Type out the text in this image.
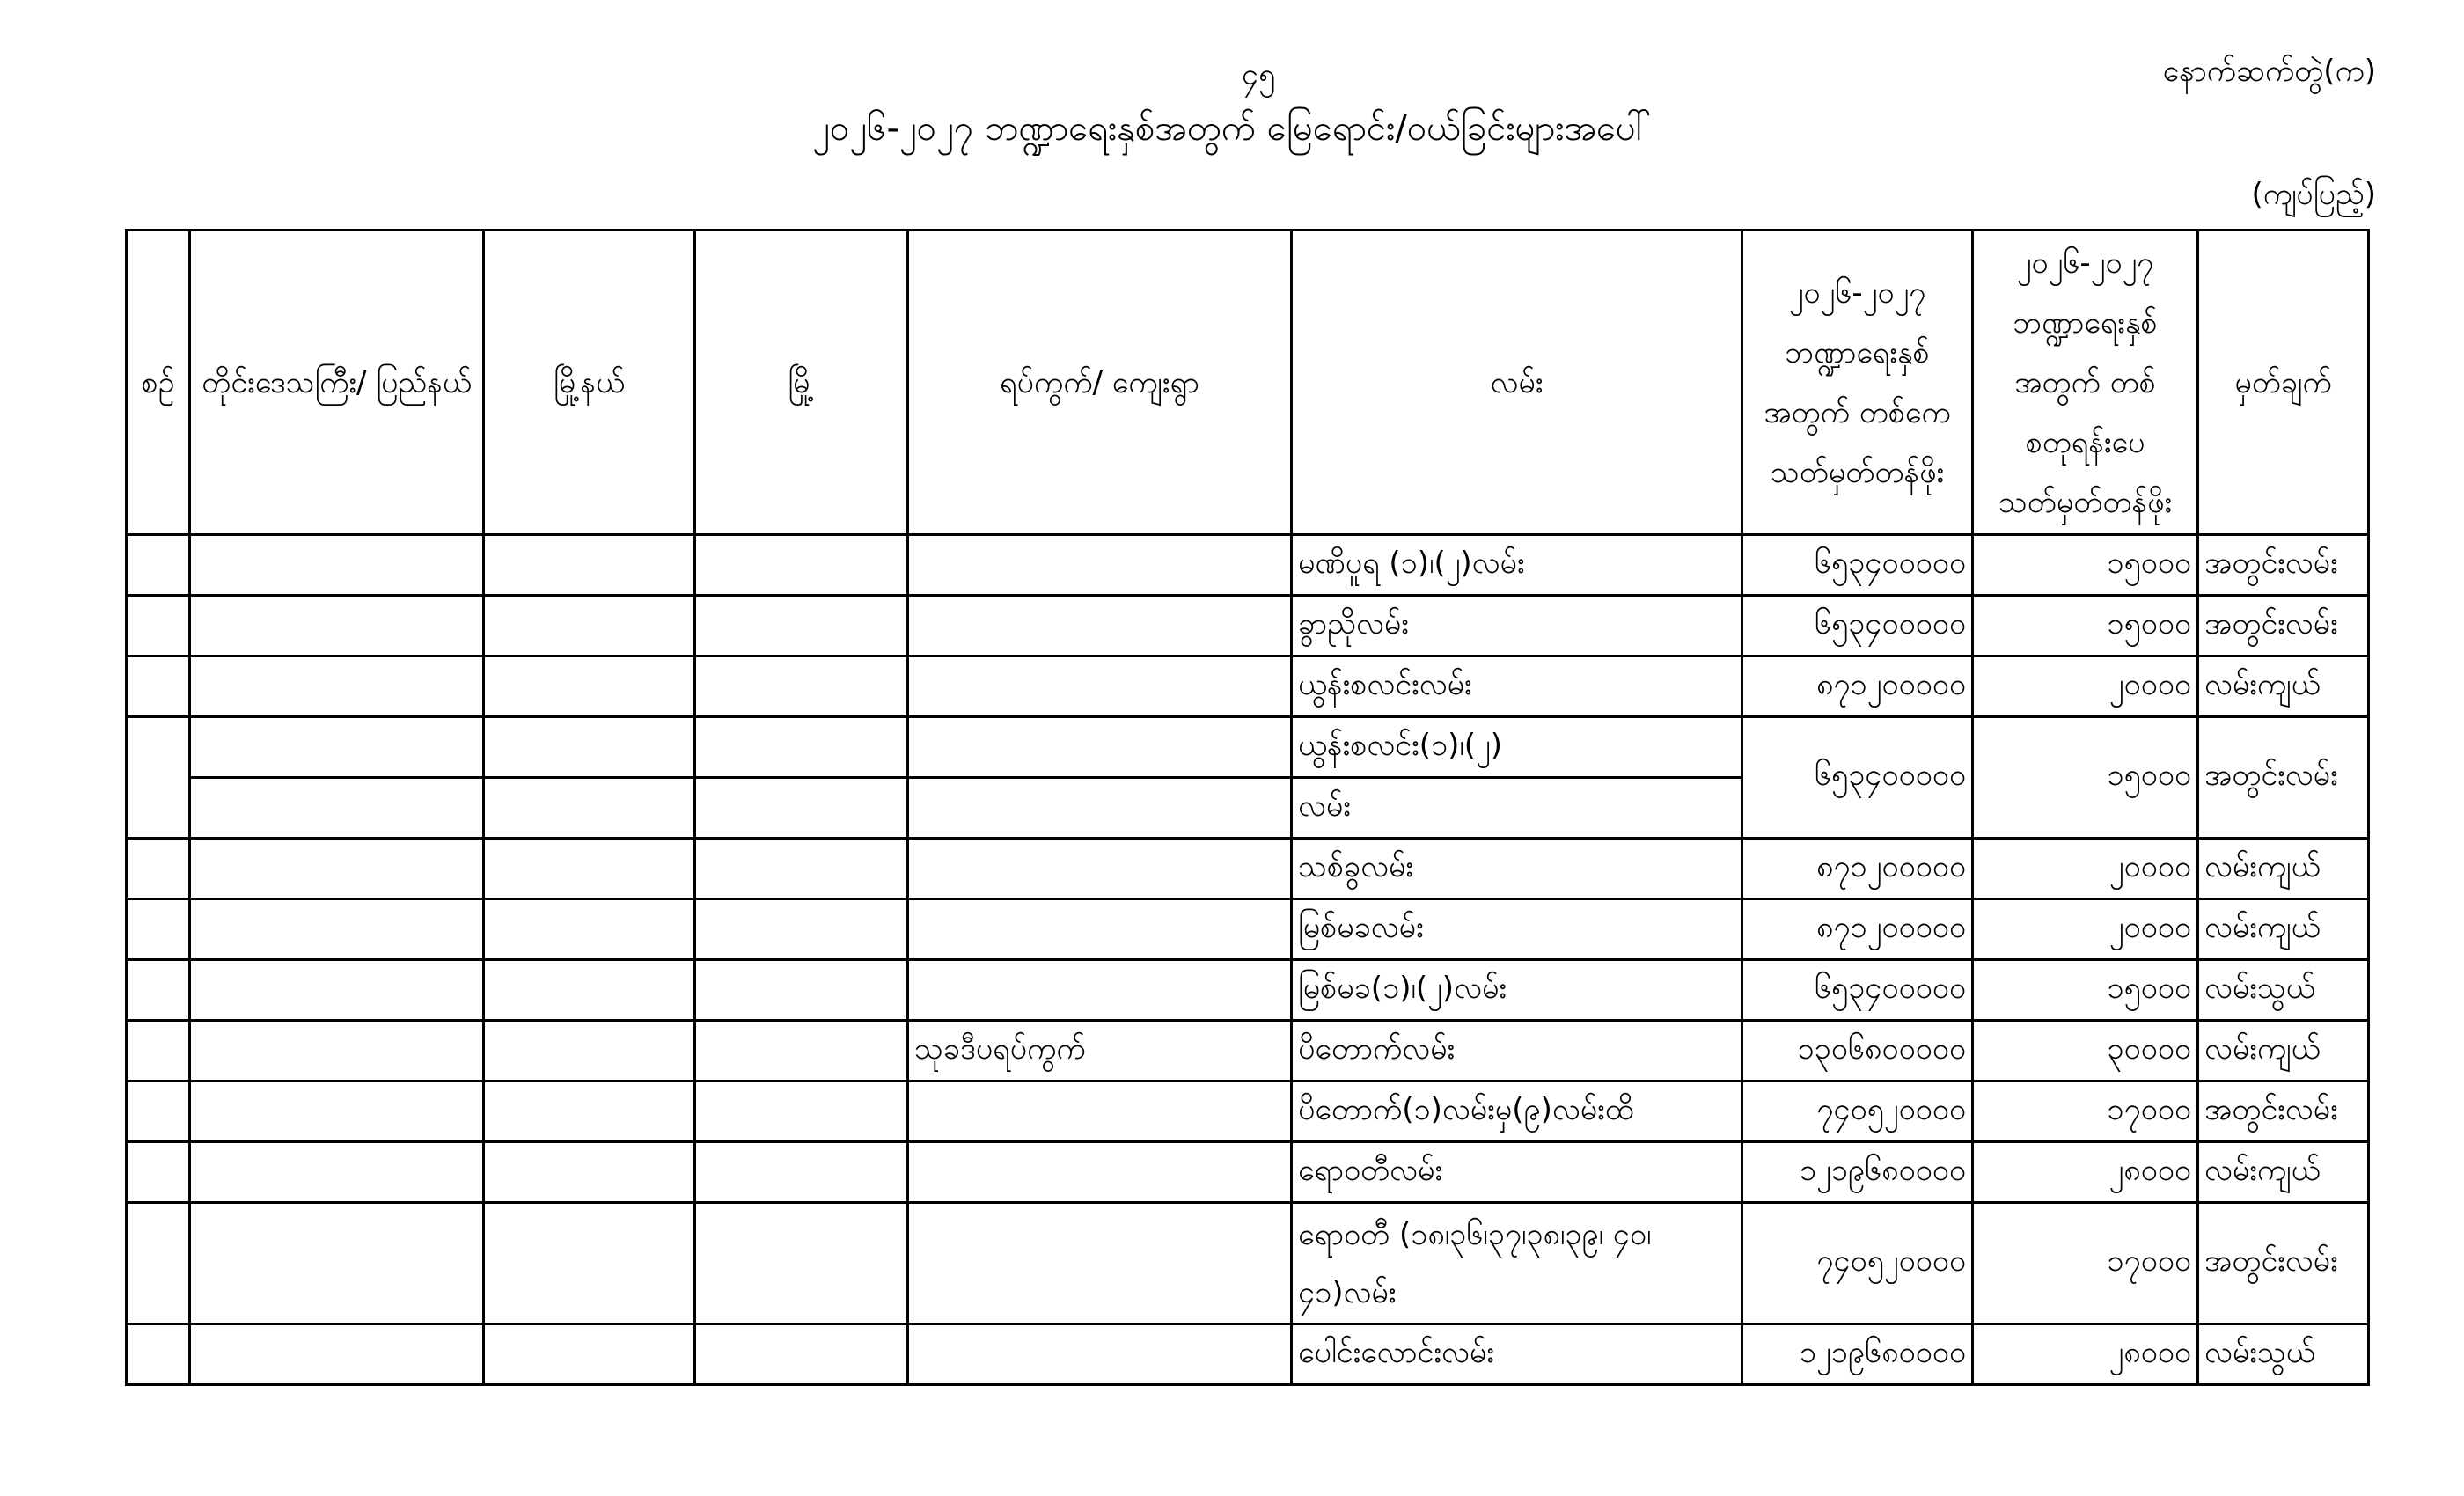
၄၅	နောက်ဆက်တွဲ(က)
၂၀၂၆-၂၀၂၇ ဘဏ္ဍာရေးနှစ်အတွက် မြေရောင်း/ဝယ်ခြင်းများအပေါ်
(ကျပ်ပြည့်)
စဉ်	တိုင်းဒေသကြီး/ ပြည်နယ်	မြို့နယ်	မြို့	ရပ်ကွက်/ ကျေးရွာ	လမ်း	၂၀၂၆-၂၀၂၇ ဘဏ္ဍာရေးနှစ် အတွက် တစ်ကေ သတ်မှတ်တန်ဖိုး	၂၀၂၆-၂၀၂၇ ဘဏ္ဍာရေးနှစ် အတွက် တစ်စတုရန်းပေ သတ်မှတ်တန်ဖိုး	မှတ်ချက်
					မဏိပူရ (၁)၊(၂)လမ်း	၆၅၃၄၀၀၀၀၀	၁၅၀၀၀	အတွင်းလမ်း
					ခွာညိုလမ်း	၆၅၃၄၀၀၀၀၀	၁၅၀၀၀	အတွင်းလမ်း
					ယွန်းစလင်းလမ်း	၈၇၁၂၀၀၀၀၀	၂၀၀၀၀	လမ်းကျယ်
					ယွန်းစလင်း(၁)၊(၂)	၆၅၃၄၀၀၀၀၀	၁၅၀၀၀	အတွင်းလမ်း
					လမ်း			
					သစ်ခွလမ်း	၈၇၁၂၀၀၀၀၀	၂၀၀၀၀	လမ်းကျယ်
					မြစ်မခလမ်း	၈၇၁၂၀၀၀၀၀	၂၀၀၀၀	လမ်းကျယ်
					မြစ်မခ(၁)၊(၂)လမ်း	၆၅၃၄၀၀၀၀၀	၁၅၀၀၀	လမ်းသွယ်
				သုခဒီပရပ်ကွက်	ပိတောက်လမ်း	၁၃၀၆၈၀၀၀၀၀	၃၀၀၀၀	လမ်းကျယ်
					ပိတောက်(၁)လမ်းမှ(၉)လမ်းထိ	၇၄၀၅၂၀၀၀၀	၁၇၀၀၀	အတွင်းလမ်း
					ရောဝတီလမ်း	၁၂၁၉၆၈၀၀၀၀	၂၈၀၀၀	လမ်းကျယ်
					ရောဝတီ (၁၈၊၃၆၊၃၇၊၃၈၊၃၉၊ ၄၀၊၄၁)လမ်း	၇၄၀၅၂၀၀၀၀	၁၇၀၀၀	အတွင်းလမ်း
					ပေါင်းလောင်းလမ်း	၁၂၁၉၆၈၀၀၀၀	၂၈၀၀၀	လမ်းသွယ်
